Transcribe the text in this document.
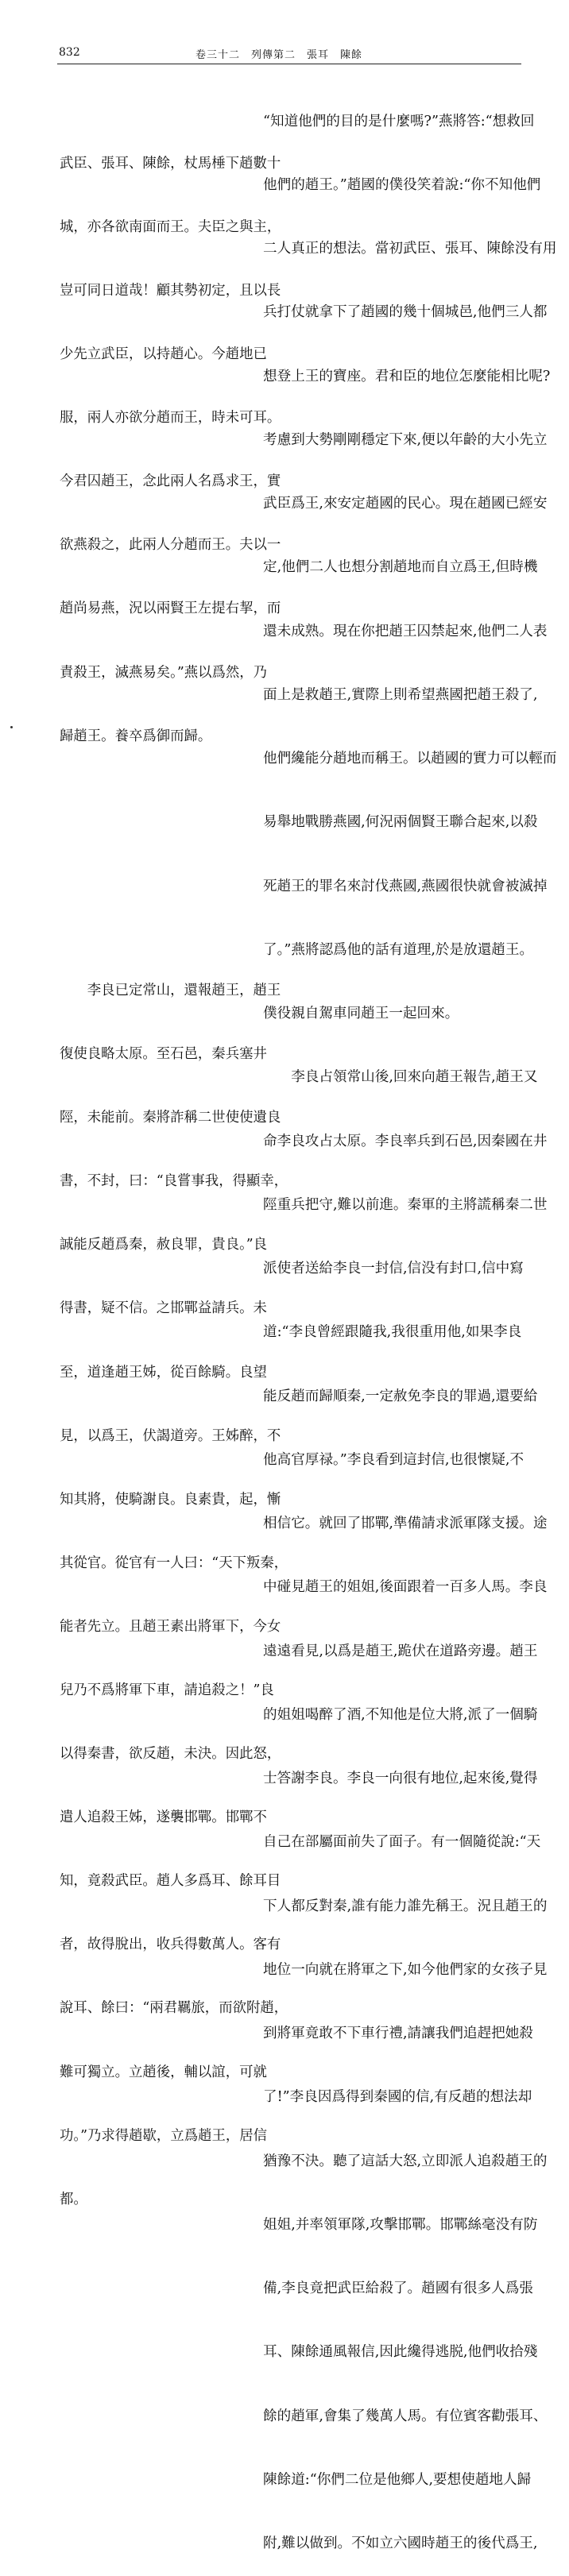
832	卷三十二　列傳第二　張耳　陳餘

武臣、張耳、陳餘，杖馬棰下趙數十

城，亦各欲南面而王。夫臣之與主，

豈可同日道哉！顧其勢初定，且以長

少先立武臣，以持趙心。今趙地已

服，兩人亦欲分趙而王，時未可耳。

今君囚趙王，念此兩人名爲求王，實

欲燕殺之，此兩人分趙而王。夫以一

趙尚易燕，況以兩賢王左提右挈，而

責殺王，滅燕易矣。”燕以爲然，乃

歸趙王。養卒爲御而歸。

　　李良已定常山，還報趙王，趙王

復使良略太原。至石邑，秦兵塞井

陘，未能前。秦將詐稱二世使使遺良

書，不封，曰：“良嘗事我，得顯幸，

誠能反趙爲秦，赦良罪，貴良。”良

得書，疑不信。之邯鄲益請兵。未

至，道逢趙王姊，從百餘騎。良望

見，以爲王，伏謁道旁。王姊醉，不

知其將，使騎謝良。良素貴，起，慚

其從官。從官有一人曰：“天下叛秦，

能者先立。且趙王素出將軍下，今女

兒乃不爲將軍下車，請追殺之！”良

以得秦書，欲反趙，未決。因此怒，

遣人追殺王姊，遂襲邯鄲。邯鄲不

知，竟殺武臣。趙人多爲耳、餘耳目

者，故得脫出，收兵得數萬人。客有

說耳、餘曰：“兩君羈旅，而欲附趙，

難可獨立。立趙後，輔以誼，可就

功。”乃求得趙歇，立爲趙王，居信

都。

“知道他們的目的是什麼嗎?”燕將答:“想救回

他們的趙王。”趙國的僕役笑着說:“你不知他們

二人真正的想法。當初武臣、張耳、陳餘没有用

兵打仗就拿下了趙國的幾十個城邑,他們三人都

想登上王的寶座。君和臣的地位怎麼能相比呢?

考慮到大勢剛剛穩定下來,便以年齡的大小先立

武臣爲王,來安定趙國的民心。現在趙國已經安

定,他們二人也想分割趙地而自立爲王,但時機

還未成熟。現在你把趙王囚禁起來,他們二人表

面上是救趙王,實際上則希望燕國把趙王殺了,

他們纔能分趙地而稱王。以趙國的實力可以輕而

易舉地戰勝燕國,何況兩個賢王聯合起來,以殺

死趙王的罪名來討伐燕國,燕國很快就會被滅掉

了。”燕將認爲他的話有道理,於是放還趙王。

僕役親自駕車同趙王一起回來。

　　李良占領常山後,回來向趙王報告,趙王又

命李良攻占太原。李良率兵到石邑,因秦國在井

陘重兵把守,難以前進。秦軍的主將謊稱秦二世

派使者送給李良一封信,信没有封口,信中寫

道:“李良曾經跟隨我,我很重用他,如果李良

能反趙而歸順秦,一定赦免李良的罪過,還要給

他高官厚禄。”李良看到這封信,也很懷疑,不

相信它。就回了邯鄲,準備請求派軍隊支援。途

中碰見趙王的姐姐,後面跟着一百多人馬。李良

遠遠看見,以爲是趙王,跪伏在道路旁邊。趙王

的姐姐喝醉了酒,不知他是位大將,派了一個騎

士答謝李良。李良一向很有地位,起來後,覺得

自己在部屬面前失了面子。有一個隨從說:“天

下人都反對秦,誰有能力誰先稱王。況且趙王的

地位一向就在將軍之下,如今他們家的女孩子見

到將軍竟敢不下車行禮,請讓我們追趕把她殺

了!”李良因爲得到秦國的信,有反趙的想法却

猶豫不決。聽了這話大怒,立即派人追殺趙王的

姐姐,并率領軍隊,攻擊邯鄲。邯鄲絲毫没有防

備,李良竟把武臣給殺了。趙國有很多人爲張

耳、陳餘通風報信,因此纔得逃脱,他們收拾殘

餘的趙軍,會集了幾萬人馬。有位賓客勸張耳、

陳餘道:“你們二位是他鄉人,要想使趙地人歸

附,難以做到。不如立六國時趙王的後代爲王,
